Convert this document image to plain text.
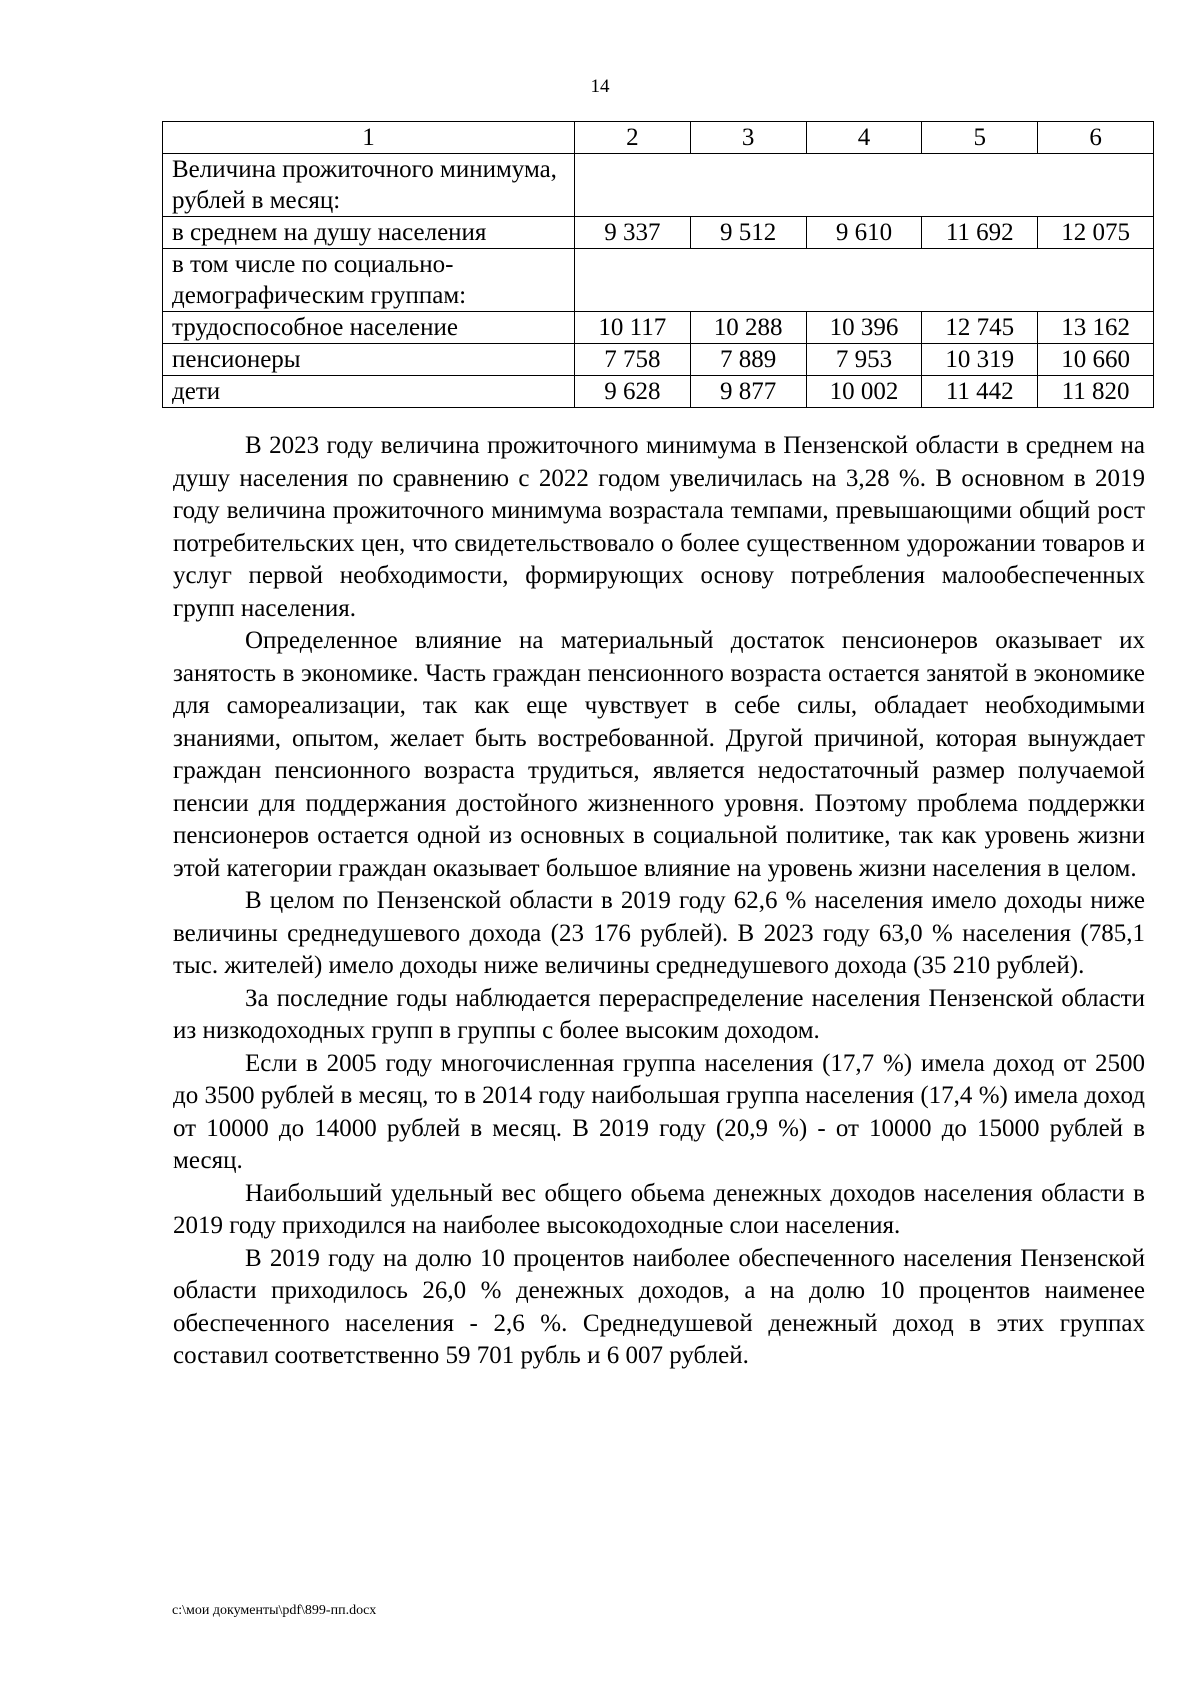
14
1	2	3	4	5	6
Величина прожиточного минимума, рублей в месяц:					
в среднем на душу населения	9 337	9 512	9 610	11 692	12 075
в том числе по социально-демографическим группам:					
трудоспособное население	10 117	10 288	10 396	12 745	13 162
пенсионеры	7 758	7 889	7 953	10 319	10 660
дети	9 628	9 877	10 002	11 442	11 820

В 2023 году величина прожиточного минимума в Пензенской области в среднем на душу населения по сравнению с 2022 годом увеличилась на 3,28 %. В основном в 2019 году величина прожиточного минимума возрастала темпами, превышающими общий рост потребительских цен, что свидетельствовало о более существенном удорожании товаров и услуг первой необходимости, формирующих основу потребления малообеспеченных групп населения.

Определенное влияние на материальный достаток пенсионеров оказывает их занятость в экономике. Часть граждан пенсионного возраста остается занятой в экономике для самореализации, так как еще чувствует в себе силы, обладает необходимыми знаниями, опытом, желает быть востребованной. Другой причиной, которая вынуждает граждан пенсионного возраста трудиться, является недостаточный размер получаемой пенсии для поддержания достойного жизненного уровня. Поэтому проблема поддержки пенсионеров остается одной из основных в социальной политике, так как уровень жизни этой категории граждан оказывает большое влияние на уровень жизни населения в целом.

В целом по Пензенской области в 2019 году 62,6 % населения имело доходы ниже величины среднедушевого дохода (23 176 рублей). В 2023 году 63,0 % населения (785,1 тыс. жителей) имело доходы ниже величины среднедушевого дохода (35 210 рублей).

За последние годы наблюдается перераспределение населения Пензенской области из низкодоходных групп в группы с более высоким доходом.

Если в 2005 году многочисленная группа населения (17,7 %) имела доход от 2500 до 3500 рублей в месяц, то в 2014 году наибольшая группа населения (17,4 %) имела доход от 10000 до 14000 рублей в месяц. В 2019 году (20,9 %) - от 10000 до 15000 рублей в месяц.

Наибольший удельный вес общего обьема денежных доходов населения области в 2019 году приходился на наиболее высокодоходные слои населения.

В 2019 году на долю 10 процентов наиболее обеспеченного населения Пензенской области приходилось 26,0 % денежных доходов, а на долю 10 процентов наименее обеспеченного населения - 2,6 %. Среднедушевой денежный доход в этих группах составил соответственно 59 701 рубль и 6 007 рублей.

c:\мои документы\pdf\899-пп.docx
